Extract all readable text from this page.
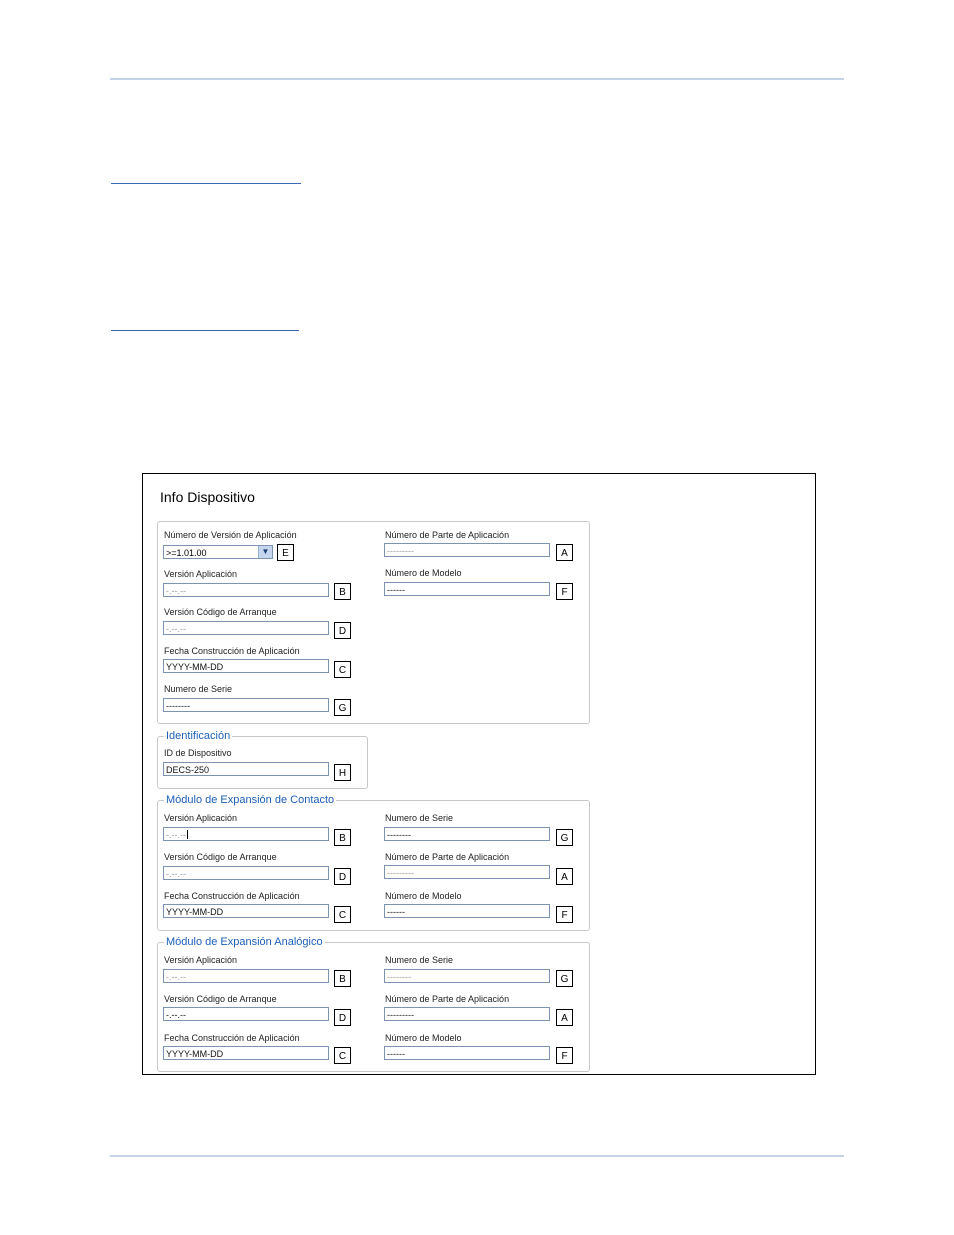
Info Dispositivo
Número de Versión de Aplicación
>=1.01.00	▼	E
Número de Parte de Aplicación
---------	A
Versión Aplicación
-.--.--	B
Número de Modelo
------	F
Versión Código de Arranque
-.--.--	D
Fecha Construcción de Aplicación
YYYY-MM-DD	C
Numero de Serie
--------	G
Identificación
ID de Dispositivo
DECS-250	H
Módulo de Expansión de Contacto
Versión Aplicación
-.--.--	B
Numero de Serie
--------	G
Versión Código de Arranque
-.--.--	D
Número de Parte de Aplicación
---------	A
Fecha Construcción de Aplicación
YYYY-MM-DD	C
Número de Modelo
------	F
Módulo de Expansión Analógico
Versión Aplicación
-.--.--	B
Numero de Serie
--------	G
Versión Código de Arranque
-.--.--	D
Número de Parte de Aplicación
---------	A
Fecha Construcción de Aplicación
YYYY-MM-DD	C
Número de Modelo
------	F
